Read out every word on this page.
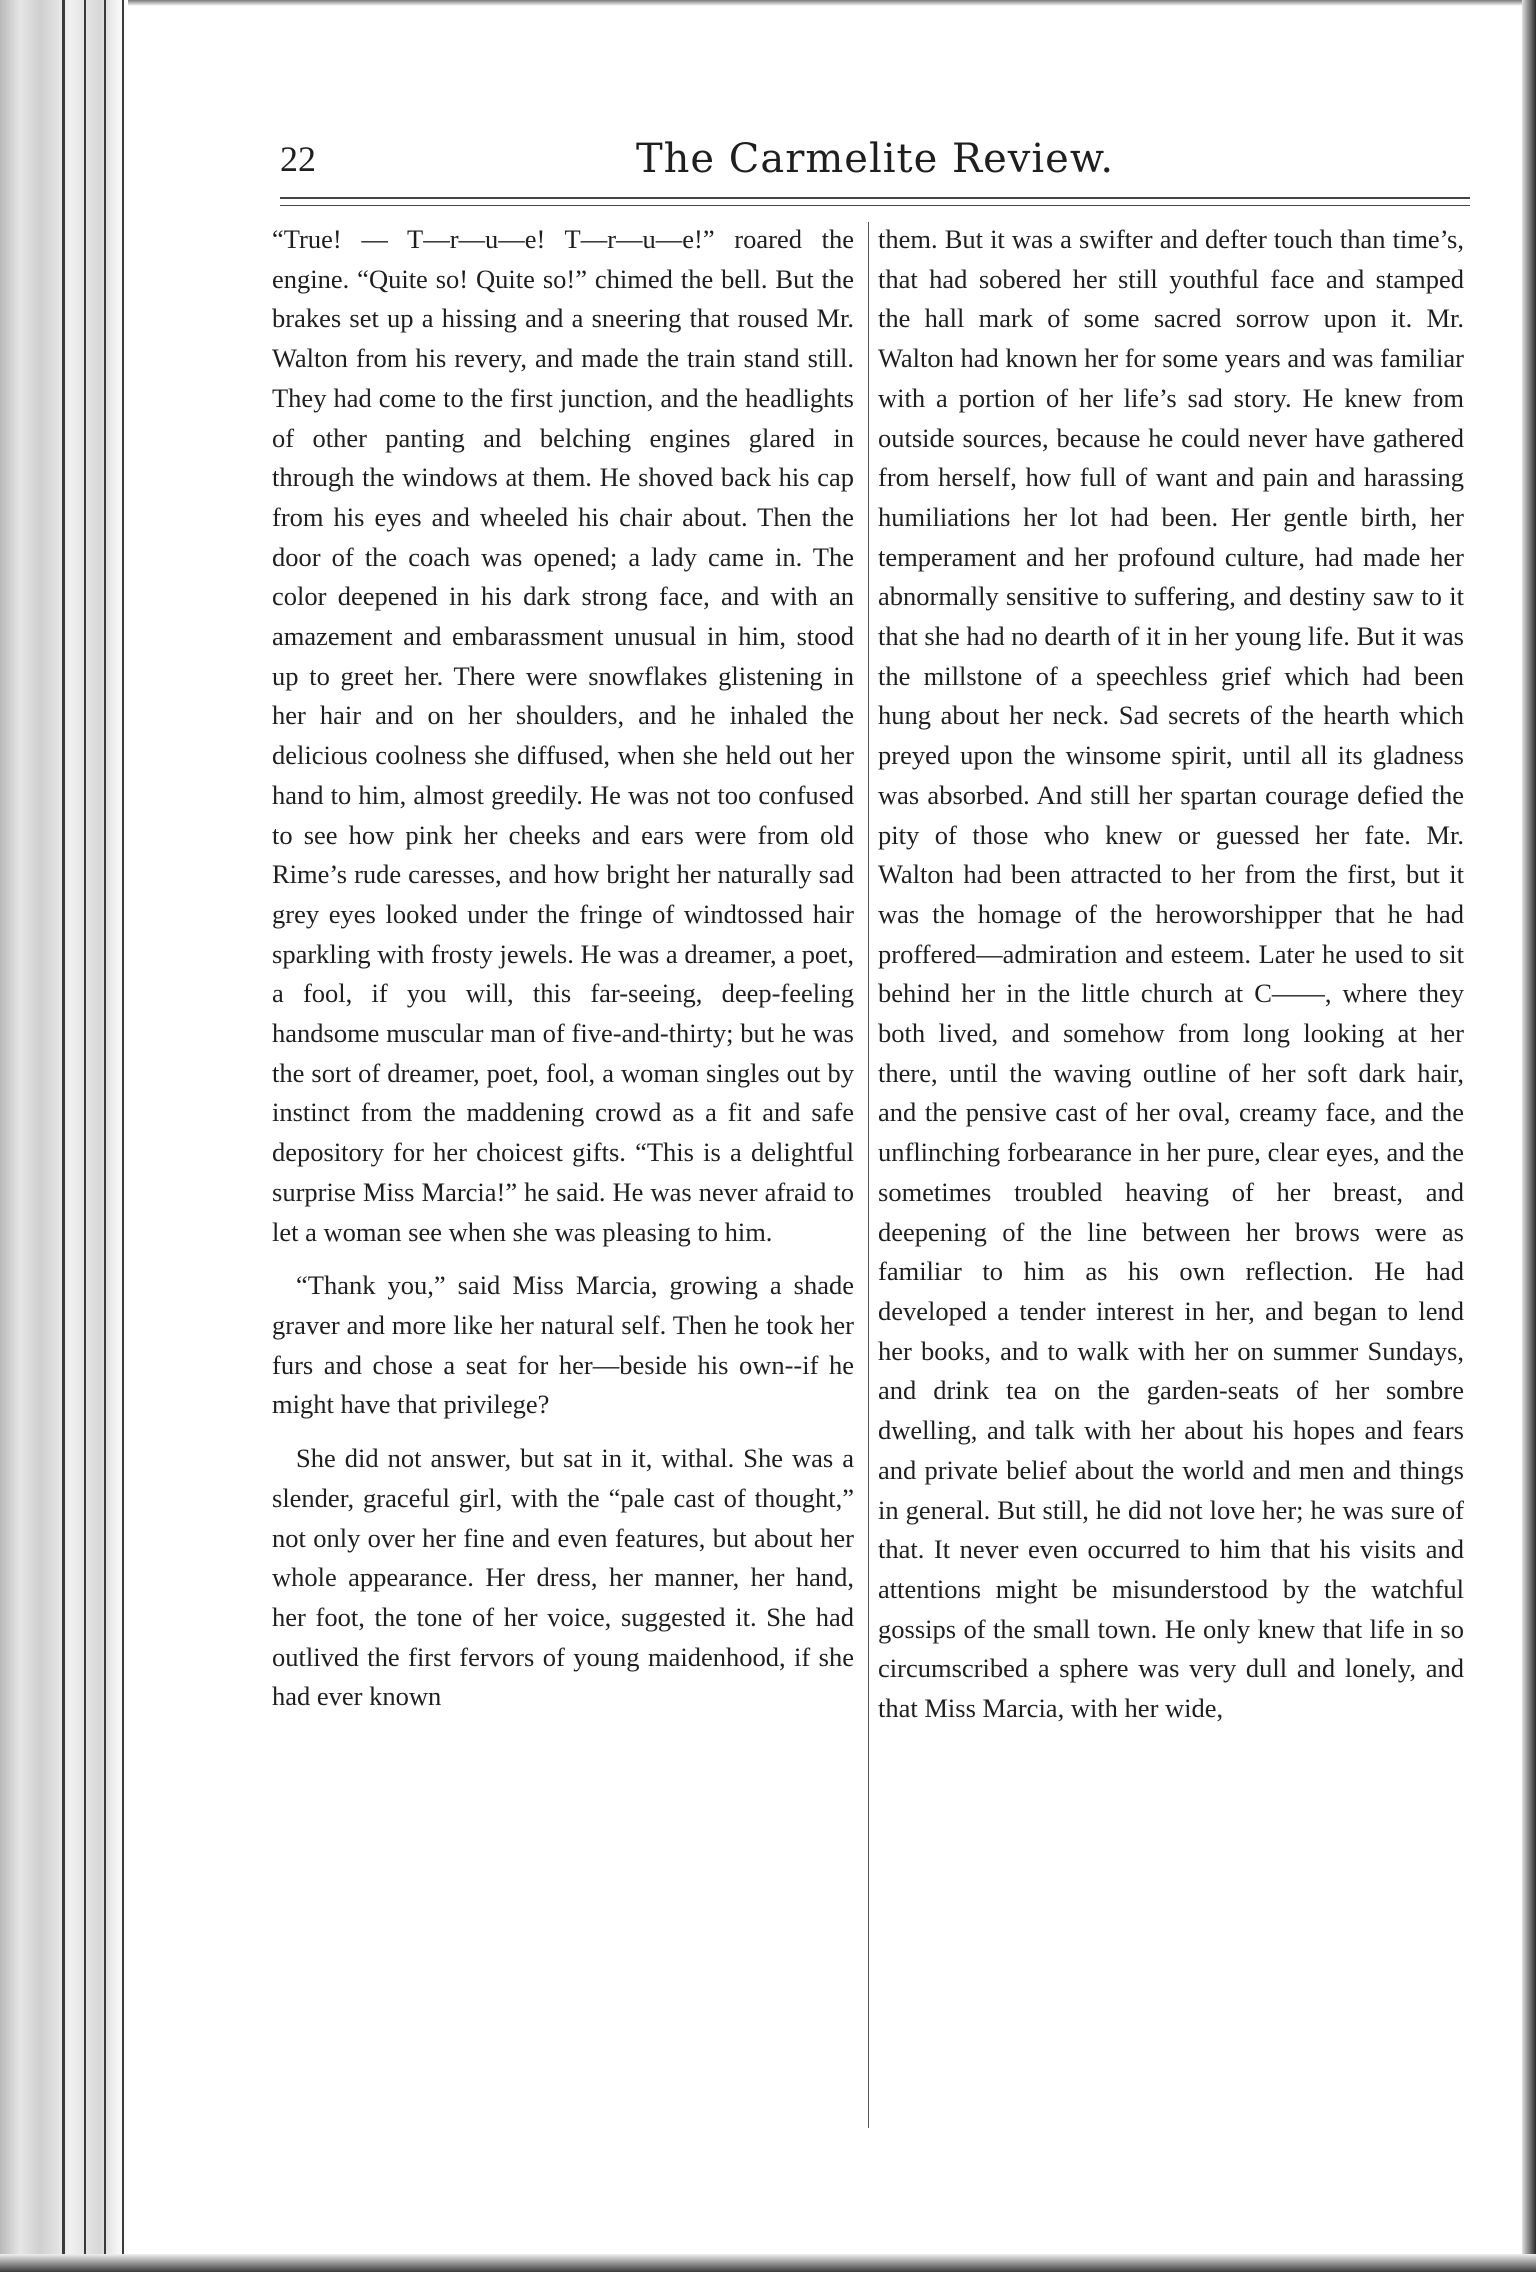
22	The Carmelite Review.

“True! — T—r—u—e! T—r—u—e!” roared the engine. “Quite so! Quite so!” chimed the bell. But the brakes set up a hissing and a sneering that roused Mr. Walton from his revery, and made the train stand still. They had come to the first junction, and the headlights of other panting and belching engines glared in through the windows at them. He shoved back his cap from his eyes and wheeled his chair about. Then the door of the coach was opened; a lady came in. The color deepened in his dark strong face, and with an amazement and embarassment unusual in him, stood up to greet her. There were snowflakes glistening in her hair and on her shoulders, and he inhaled the delicious coolness she diffused, when she held out her hand to him, almost greedily. He was not too confused to see how pink her cheeks and ears were from old Rime’s rude caresses, and how bright her naturally sad grey eyes looked under the fringe of windtossed hair sparkling with frosty jewels. He was a dreamer, a poet, a fool, if you will, this far-seeing, deep-feeling handsome muscular man of five-and-thirty; but he was the sort of dreamer, poet, fool, a woman singles out by instinct from the maddening crowd as a fit and safe depository for her choicest gifts. “This is a delightful surprise Miss Marcia!” he said. He was never afraid to let a woman see when she was pleasing to him.

“Thank you,” said Miss Marcia, growing a shade graver and more like her natural self. Then he took her furs and chose a seat for her—beside his own--if he might have that privilege?

She did not answer, but sat in it, withal. She was a slender, graceful girl, with the “pale cast of thought,” not only over her fine and even features, but about her whole appearance. Her dress, her manner, her hand, her foot, the tone of her voice, suggested it. She had outlived the first fervors of young maidenhood, if she had ever known

them. But it was a swifter and defter touch than time’s, that had sobered her still youthful face and stamped the hall mark of some sacred sorrow upon it. Mr. Walton had known her for some years and was familiar with a portion of her life’s sad story. He knew from outside sources, because he could never have gathered from herself, how full of want and pain and harassing humiliations her lot had been. Her gentle birth, her temperament and her profound culture, had made her abnormally sensitive to suffering, and destiny saw to it that she had no dearth of it in her young life. But it was the millstone of a speechless grief which had been hung about her neck. Sad secrets of the hearth which preyed upon the winsome spirit, until all its gladness was absorbed. And still her spartan courage defied the pity of those who knew or guessed her fate. Mr. Walton had been attracted to her from the first, but it was the homage of the heroworshipper that he had proffered—admiration and esteem. Later he used to sit behind her in the little church at C——, where they both lived, and somehow from long looking at her there, until the waving outline of her soft dark hair, and the pensive cast of her oval, creamy face, and the unflinching forbearance in her pure, clear eyes, and the sometimes troubled heaving of her breast, and deepening of the line between her brows were as familiar to him as his own reflection. He had developed a tender interest in her, and began to lend her books, and to walk with her on summer Sundays, and drink tea on the garden-seats of her sombre dwelling, and talk with her about his hopes and fears and private belief about the world and men and things in general. But still, he did not love her; he was sure of that. It never even occurred to him that his visits and attentions might be misunderstood by the watchful gossips of the small town. He only knew that life in so circumscribed a sphere was very dull and lonely, and that Miss Marcia, with her wide,
